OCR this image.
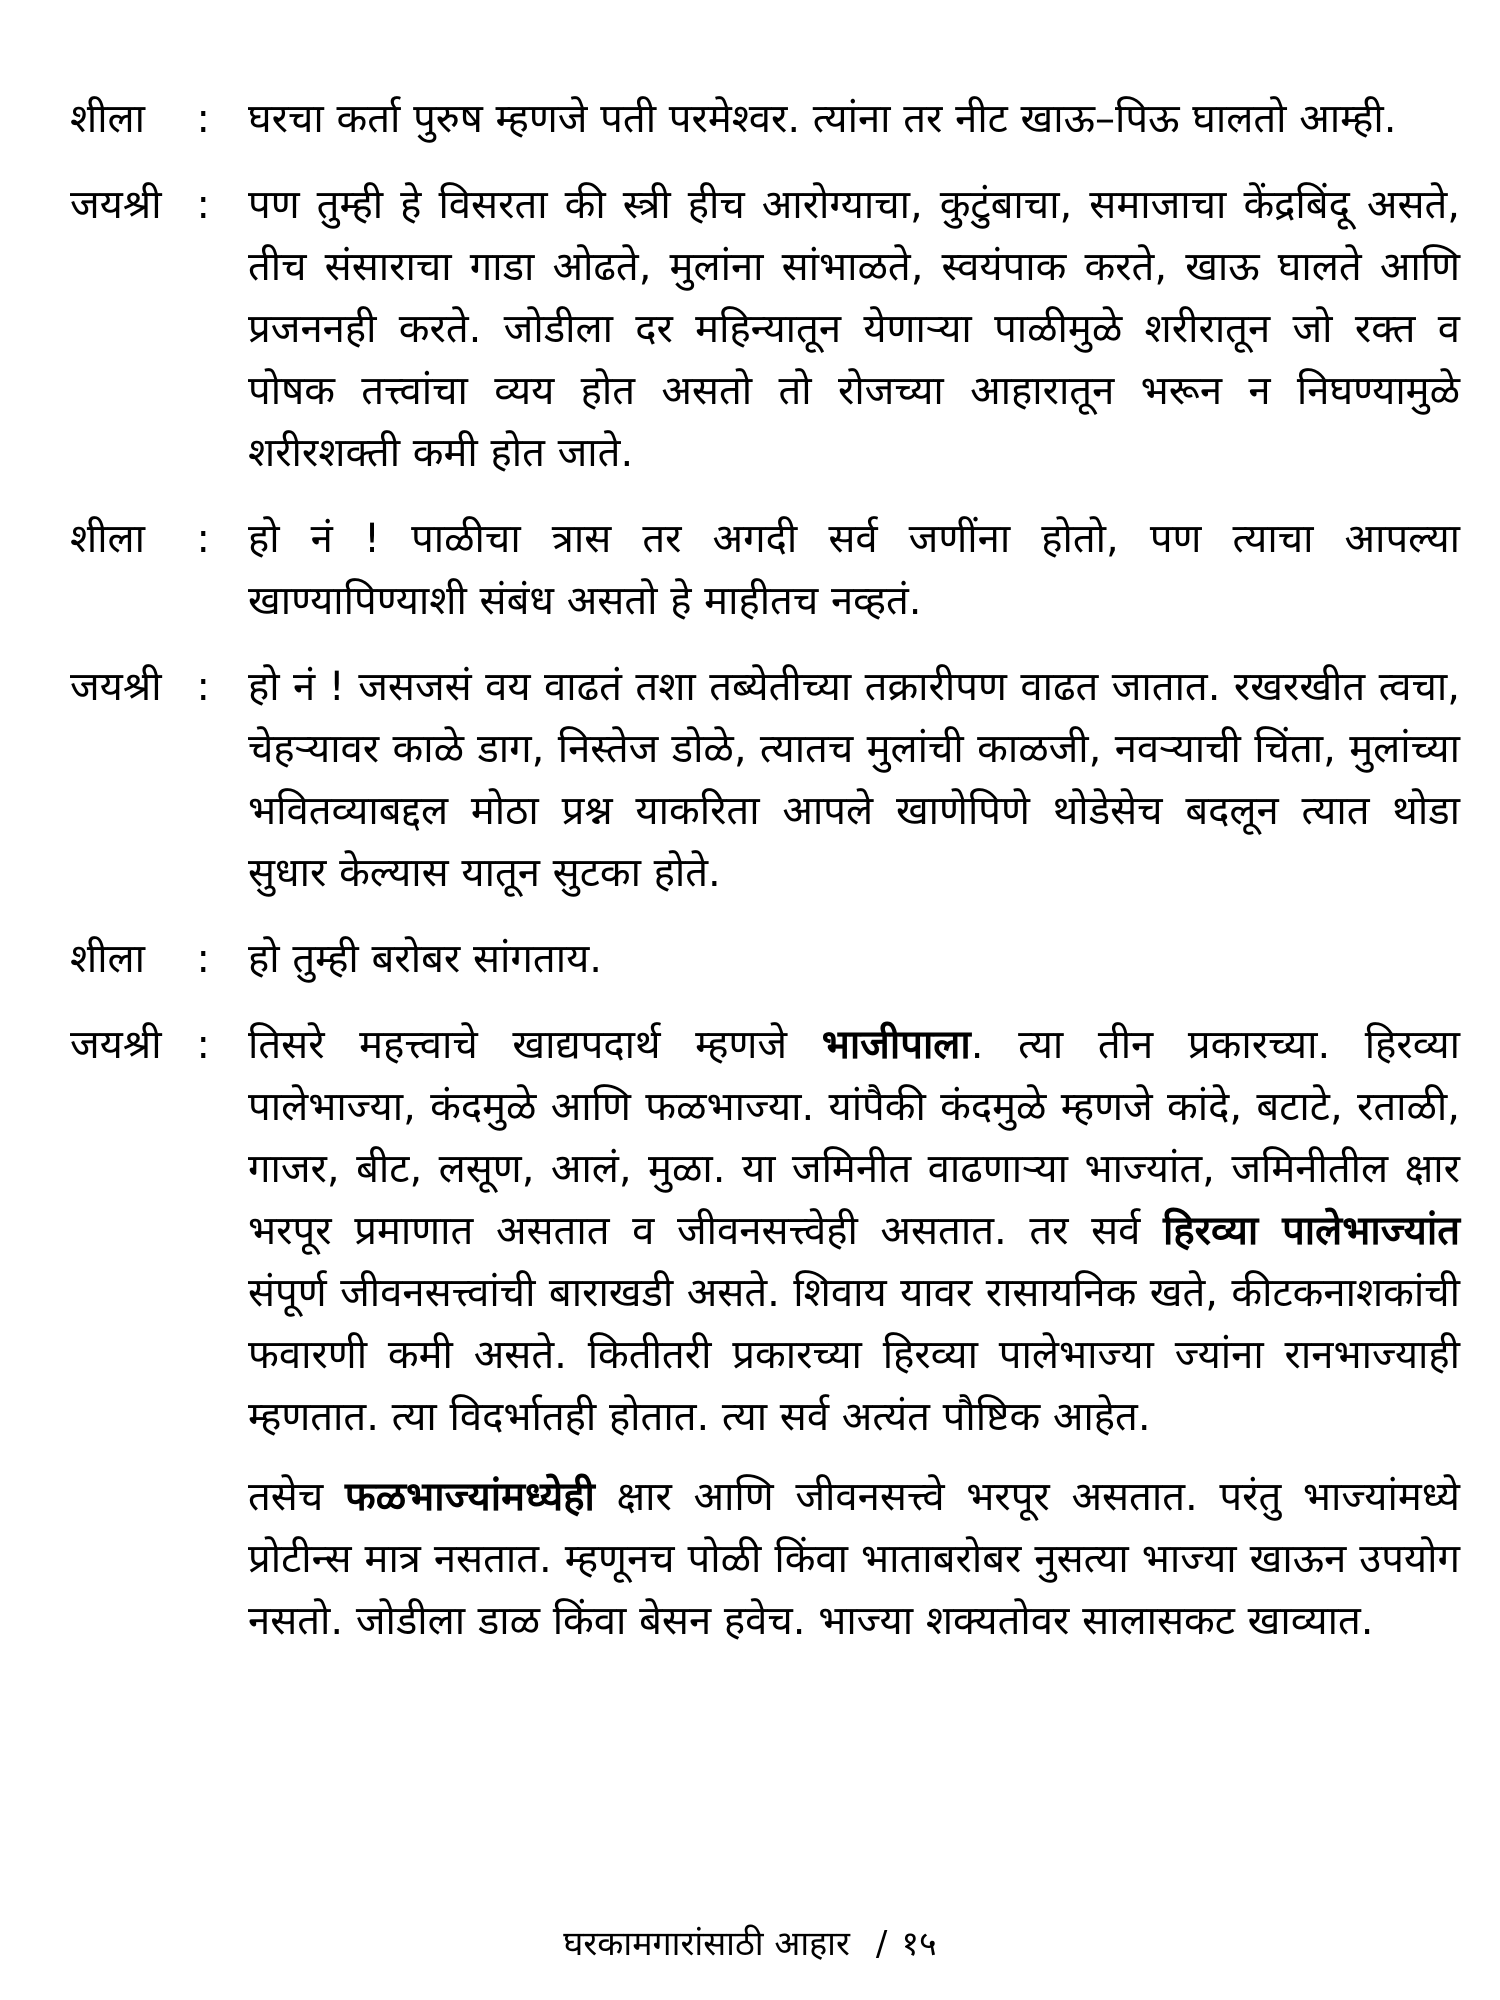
शीला : घरचा कर्ता पुरुष म्हणजे पती परमेश्वर. त्यांना तर नीट खाऊ–पिऊ घालतो आम्ही.

जयश्री : पण तुम्ही हे विसरता की स्त्री हीच आरोग्याचा, कुटुंबाचा, समाजाचा केंद्रबिंदू असते, तीच संसाराचा गाडा ओढते, मुलांना सांभाळते, स्वयंपाक करते, खाऊ घालते आणि प्रजननही करते. जोडीला दर महिन्यातून येणाऱ्या पाळीमुळे शरीरातून जो रक्त व पोषक तत्त्वांचा व्यय होत असतो तो रोजच्या आहारातून भरून न निघण्यामुळे शरीरशक्ती कमी होत जाते.

शीला : हो नं ! पाळीचा त्रास तर अगदी सर्व जणींना होतो, पण त्याचा आपल्या खाण्यापिण्याशी संबंध असतो हे माहीतच नव्हतं.

जयश्री : हो नं ! जसजसं वय वाढतं तशा तब्येतीच्या तक्रारीपण वाढत जातात. रखरखीत त्वचा, चेहऱ्यावर काळे डाग, निस्तेज डोळे, त्यातच मुलांची काळजी, नवऱ्याची चिंता, मुलांच्या भवितव्याबद्दल मोठा प्रश्न याकरिता आपले खाणेपिणे थोडेसेच बदलून त्यात थोडा सुधार केल्यास यातून सुटका होते.

शीला : हो तुम्ही बरोबर सांगताय.

जयश्री : तिसरे महत्त्वाचे खाद्यपदार्थ म्हणजे भाजीपाला. त्या तीन प्रकारच्या. हिरव्या पालेभाज्या, कंदमुळे आणि फळभाज्या. यांपैकी कंदमुळे म्हणजे कांदे, बटाटे, रताळी, गाजर, बीट, लसूण, आलं, मुळा. या जमिनीत वाढणाऱ्या भाज्यांत, जमिनीतील क्षार भरपूर प्रमाणात असतात व जीवनसत्त्वेही असतात. तर सर्व हिरव्या पालेभाज्यांत संपूर्ण जीवनसत्त्वांची बाराखडी असते. शिवाय यावर रासायनिक खते, कीटकनाशकांची फवारणी कमी असते. कितीतरी प्रकारच्या हिरव्या पालेभाज्या ज्यांना रानभाज्याही म्हणतात. त्या विदर्भातही होतात. त्या सर्व अत्यंत पौष्टिक आहेत.

तसेच फळभाज्यांमध्येही क्षार आणि जीवनसत्त्वे भरपूर असतात. परंतु भाज्यांमध्ये प्रोटीन्स मात्र नसतात. म्हणूनच पोळी किंवा भाताबरोबर नुसत्या भाज्या खाऊन उपयोग नसतो. जोडीला डाळ किंवा बेसन हवेच. भाज्या शक्यतोवर सालासकट खाव्यात.

घरकामगारांसाठी आहार / १५
